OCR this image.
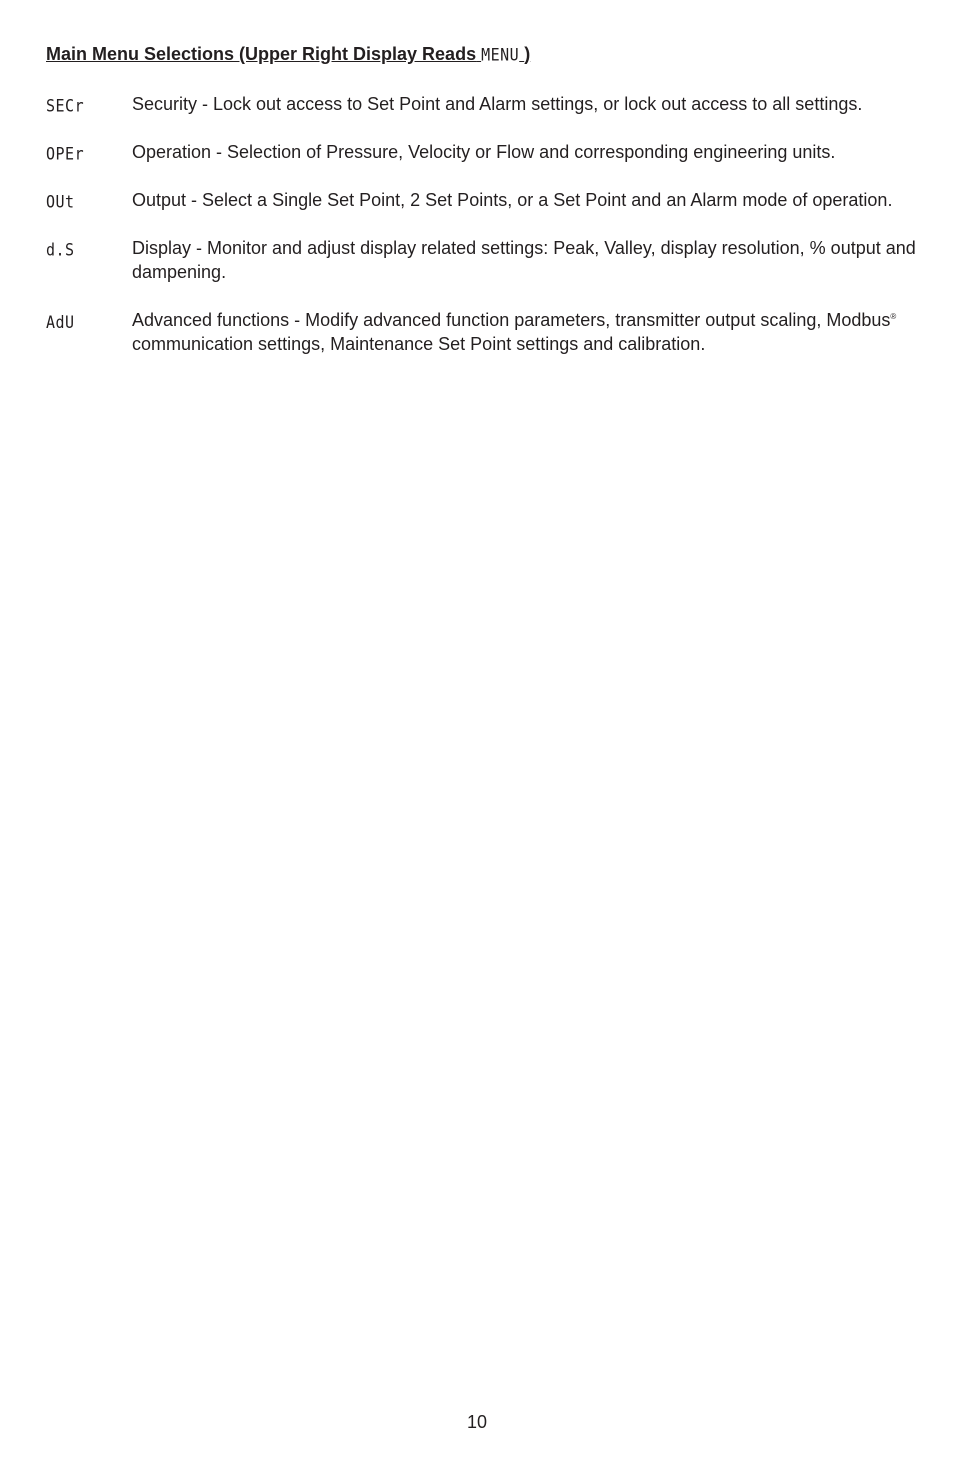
Main Menu Selections (Upper Right Display Reads MENU )
SECr	Security - Lock out access to Set Point and Alarm settings, or lock out access to all settings.
OPEr	Operation - Selection of Pressure, Velocity or Flow and corresponding engineering units.
OUt	Output - Select a Single Set Point, 2 Set Points, or a Set Point and an Alarm mode of operation.
d.S	Display - Monitor and adjust display related settings: Peak, Valley, display resolution, % output and dampening.
AdU	Advanced functions - Modify advanced function parameters, transmitter output scaling, Modbus® communication settings, Maintenance Set Point settings and calibration.
10
